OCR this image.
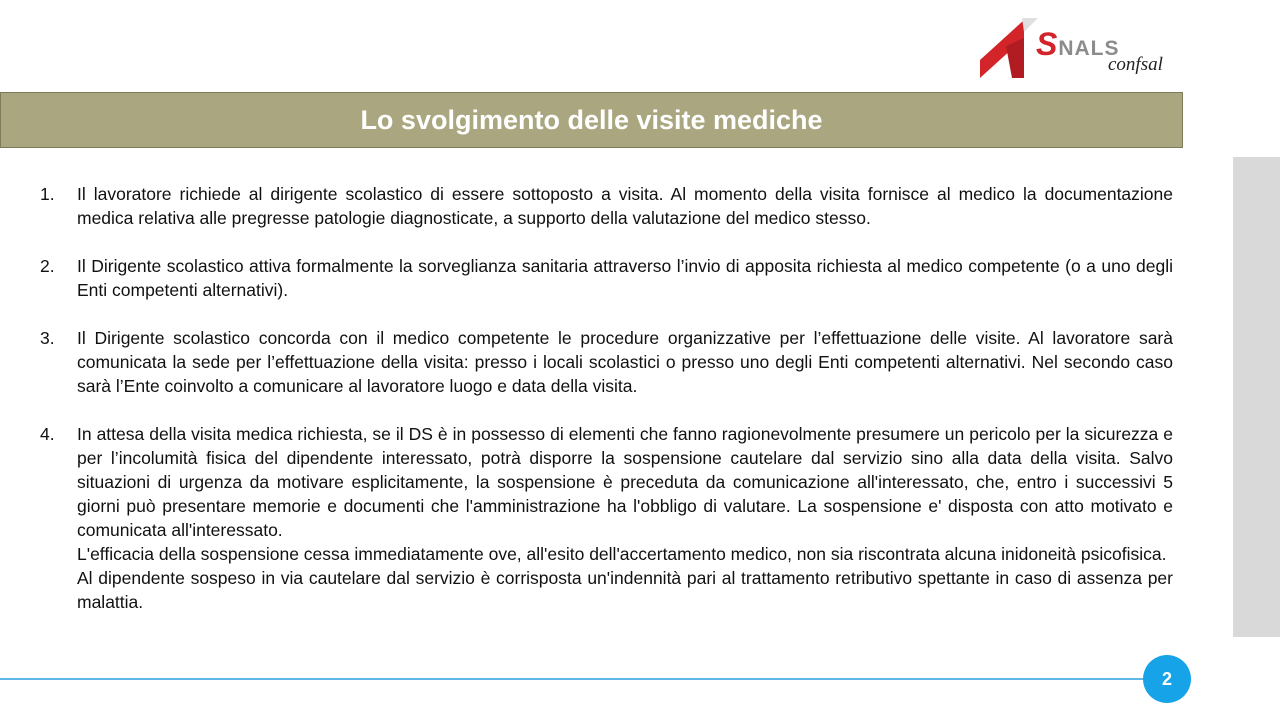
SNALS
confsal
Lo svolgimento delle visite mediche
1.	Il lavoratore richiede al dirigente scolastico di essere sottoposto a visita. Al momento della visita fornisce al medico la documentazione medica relativa alle pregresse patologie diagnosticate, a supporto della valutazione del medico stesso.

2.	Il Dirigente scolastico attiva formalmente la sorveglianza sanitaria attraverso l’invio di apposita richiesta al medico competente (o a uno degli Enti competenti alternativi).

3.	Il Dirigente scolastico concorda con il medico competente le procedure organizzative per l’effettuazione delle visite. Al lavoratore sarà comunicata la sede per l’effettuazione della visita: presso i locali scolastici o presso uno degli Enti competenti alternativi. Nel secondo caso sarà l’Ente coinvolto a comunicare al lavoratore luogo e data della visita.

4.	In attesa della visita medica richiesta, se il DS è in possesso di elementi che fanno ragionevolmente presumere un pericolo per la sicurezza e per l’incolumità fisica del dipendente interessato, potrà disporre la sospensione cautelare dal servizio sino alla data della visita. Salvo situazioni di urgenza da motivare esplicitamente, la sospensione è preceduta da comunicazione all'interessato, che, entro i successivi 5 giorni può presentare memorie e documenti che l'amministrazione ha l'obbligo di valutare. La sospensione e' disposta con atto motivato e comunicata all'interessato.

L'efficacia della sospensione cessa immediatamente ove, all'esito dell'accertamento medico, non sia riscontrata alcuna inidoneità psicofisica.

Al dipendente sospeso in via cautelare dal servizio è corrisposta un'indennità pari al trattamento retributivo spettante in caso di assenza per malattia.

2
